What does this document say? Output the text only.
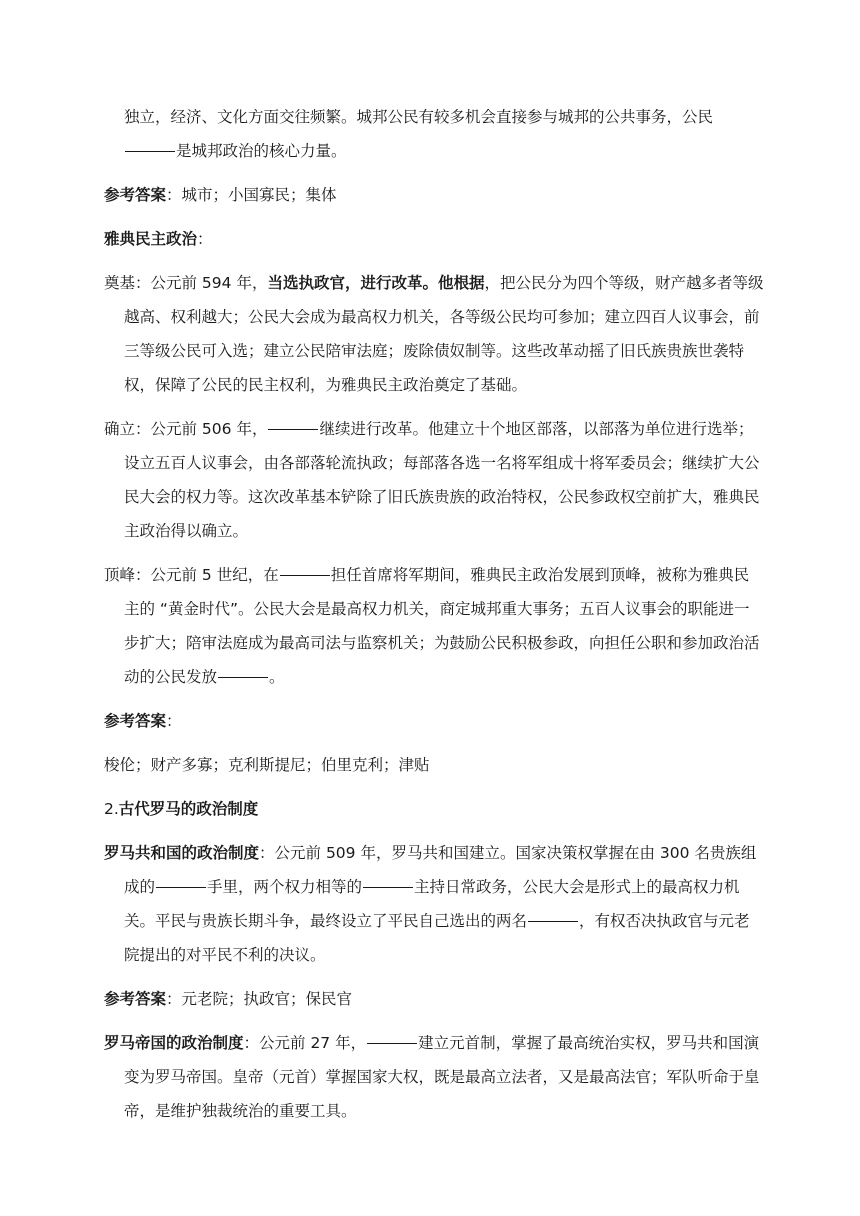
独立，经济、文化方面交往频繁。城邦公民有较多机会直接参与城邦的公共事务，公民是城邦政治的核心力量。

参考答案：城市；小国寡民；集体

雅典民主政治：

奠基：公元前 594 年，当选执政官，进行改革。他根据，把公民分为四个等级，财产越多者等级越高、权利越大；公民大会成为最高权力机关，各等级公民均可参加；建立四百人议事会，前三等级公民可入选；建立公民陪审法庭；废除债奴制等。这些改革动摇了旧氏族贵族世袭特权，保障了公民的民主权利，为雅典民主政治奠定了基础。

确立：公元前 506 年，	继续进行改革。他建立十个地区部落，以部落为单位进行选举；设立五百人议事会，由各部落轮流执政；每部落各选一名将军组成十将军委员会；继续扩大公民大会的权力等。这次改革基本铲除了旧氏族贵族的政治特权，公民参政权空前扩大，雅典民主政治得以确立。

顶峰：公元前 5 世纪，在	担任首席将军期间，雅典民主政治发展到顶峰，被称为雅典民主的 “黄金时代”。公民大会是最高权力机关，商定城邦重大事务；五百人议事会的职能进一步扩大；陪审法庭成为最高司法与监察机关；为鼓励公民积极参政，向担任公职和参加政治活动的公民发放	。

参考答案：

梭伦；财产多寡；克利斯提尼；伯里克利；津贴

2.古代罗马的政治制度

罗马共和国的政治制度：公元前 509 年，罗马共和国建立。国家决策权掌握在由 300 名贵族组成的	手里，两个权力相等的	主持日常政务，公民大会是形式上的最高权力机关。平民与贵族长期斗争，最终设立了平民自己选出的两名	，有权否决执政官与元老院提出的对平民不利的决议。

参考答案：元老院；执政官；保民官

罗马帝国的政治制度：公元前 27 年，	建立元首制，掌握了最高统治实权，罗马共和国演变为罗马帝国。皇帝（元首）掌握国家大权，既是最高立法者，又是最高法官；军队听命于皇帝，是维护独裁统治的重要工具。
